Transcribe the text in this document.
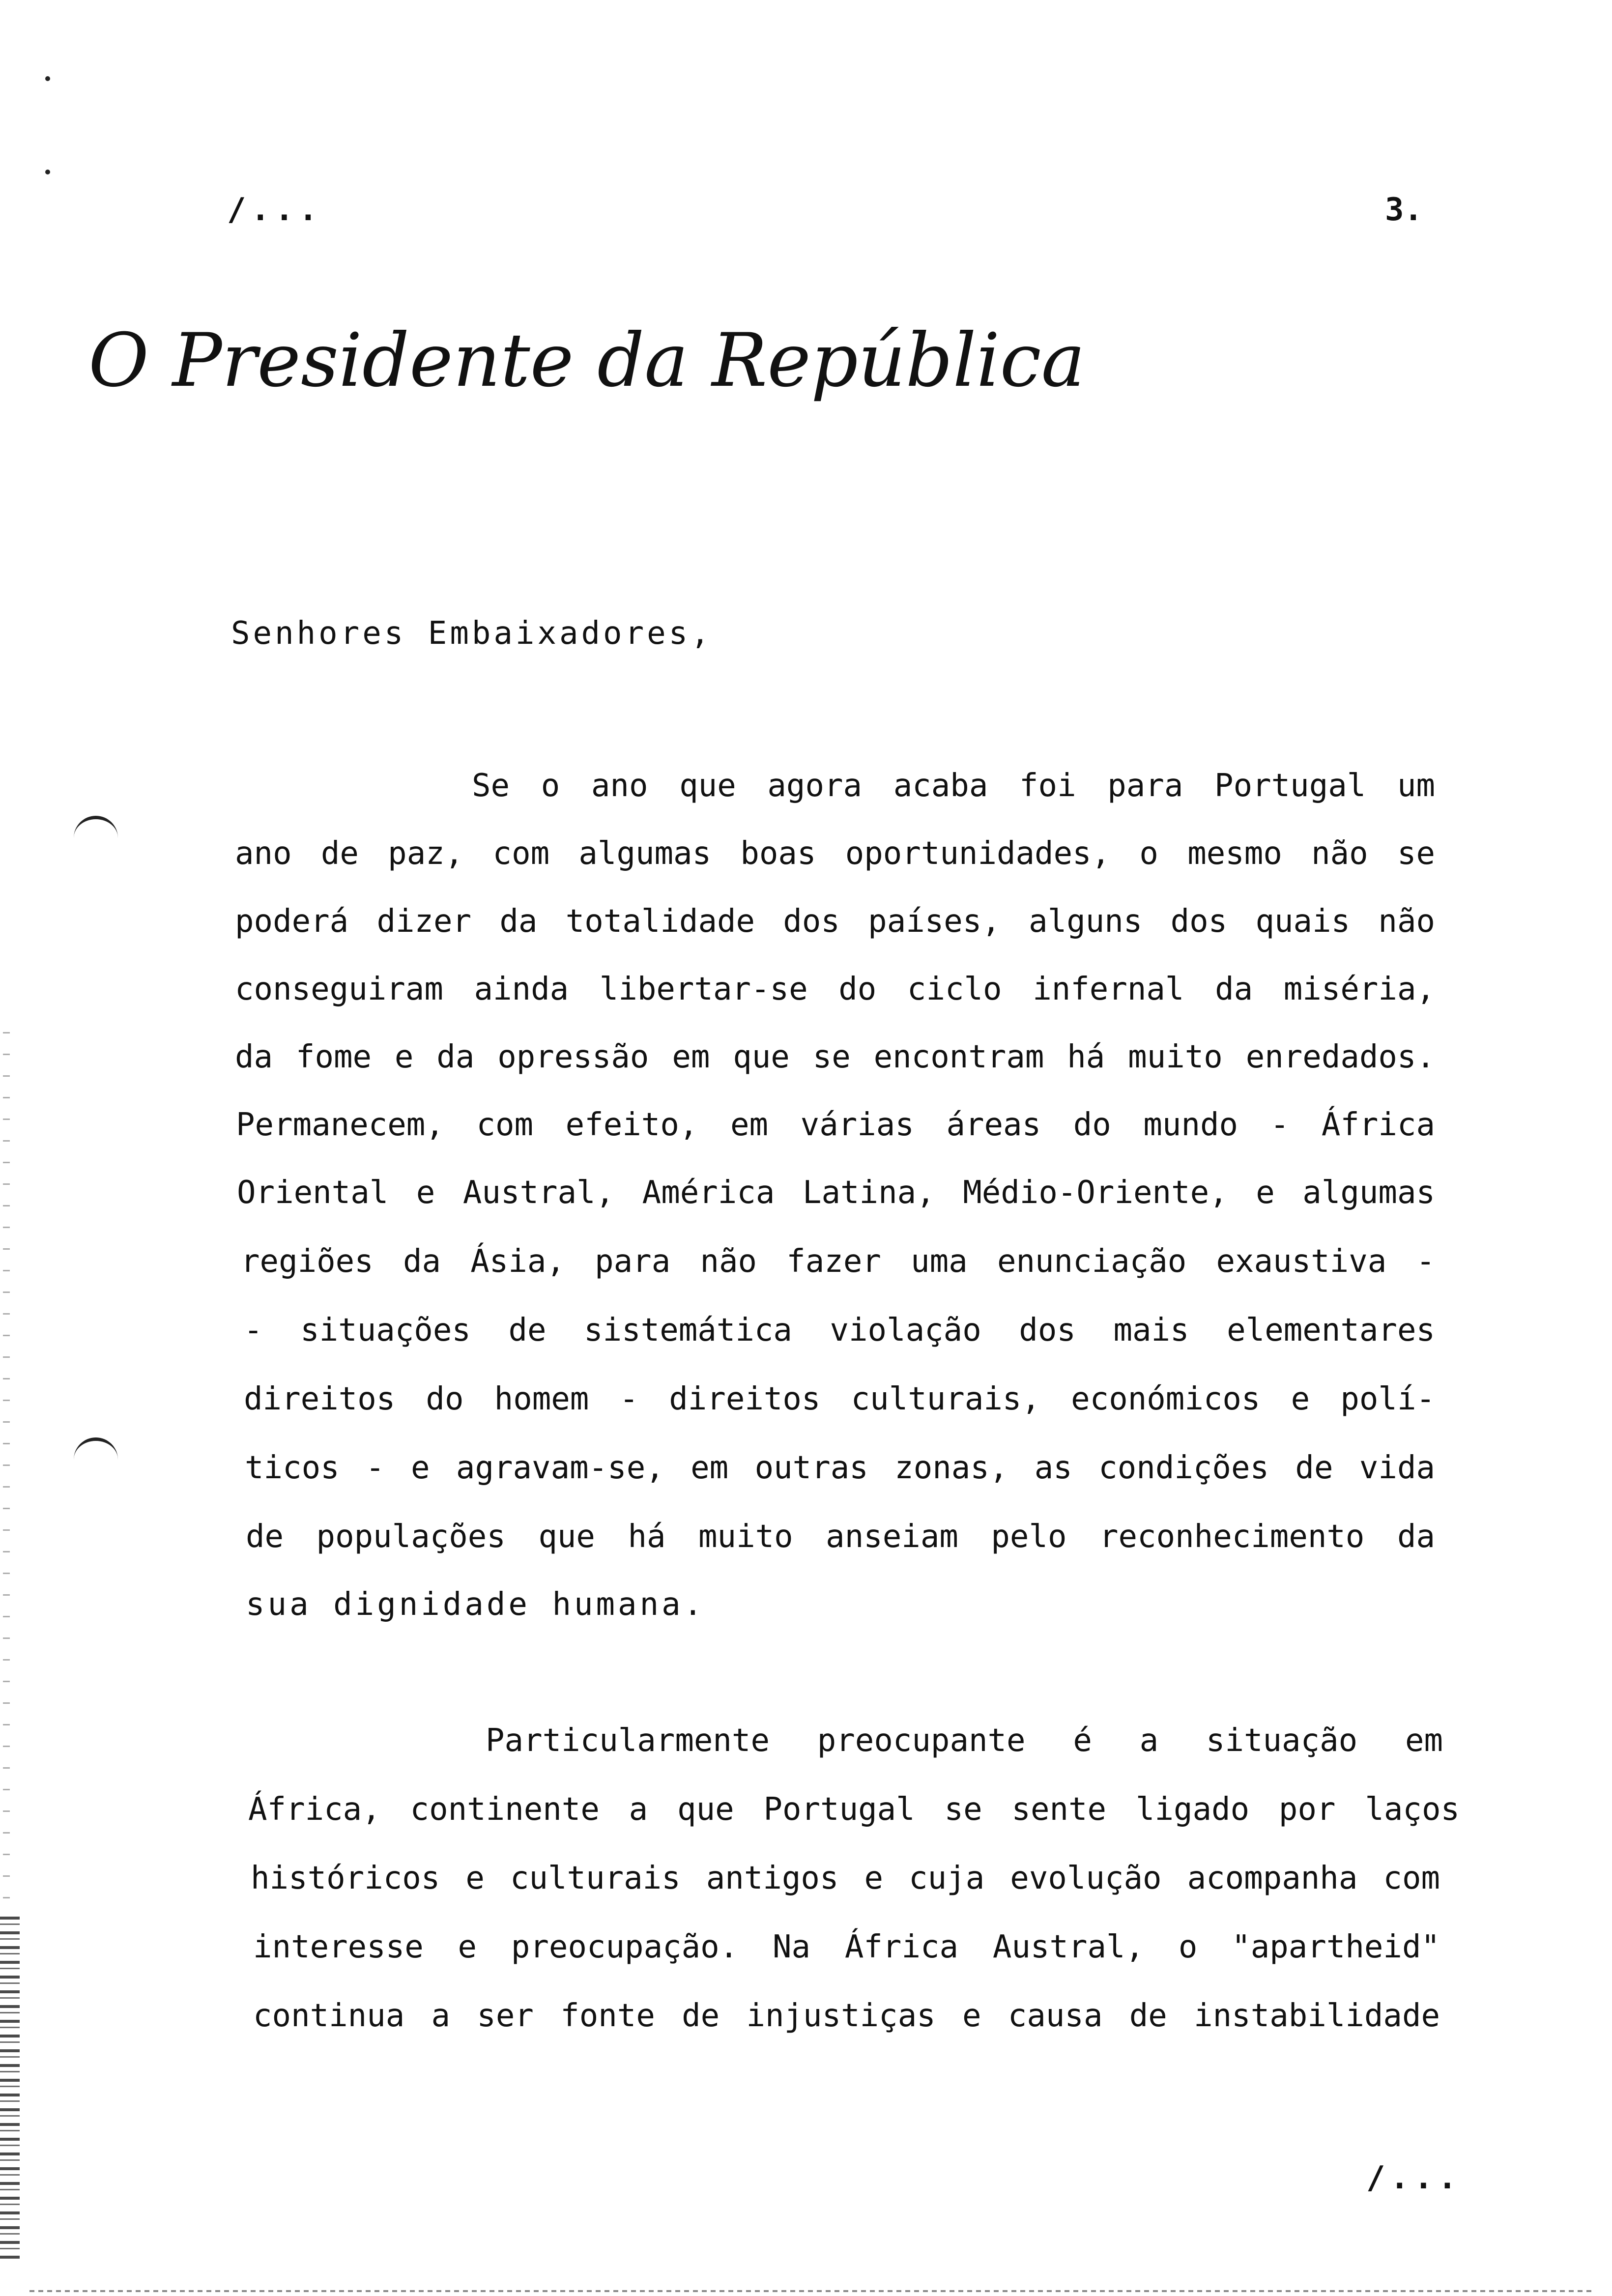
/...	3.
O Presidente da República
Senhores Embaixadores,
Se o ano que agora acaba foi para Portugal um
ano de paz, com algumas boas oportunidades, o mesmo não se
poderá dizer da totalidade dos países, alguns dos quais não
conseguiram ainda libertar-se do ciclo infernal da miséria,
da fome e da opressão em que se encontram há muito enredados.
Permanecem, com efeito, em várias áreas do mundo - África
Oriental e Austral, América Latina, Médio-Oriente, e algumas
regiões da Ásia, para não fazer uma enunciação exaustiva -
- situações de sistemática violação dos mais elementares
direitos do homem - direitos culturais, económicos e polí-
ticos - e agravam-se, em outras zonas, as condições de vida
de populações que há muito anseiam pelo reconhecimento da
sua dignidade humana.
Particularmente preocupante é a situação em
África, continente a que Portugal se sente ligado por laços
históricos e culturais antigos e cuja evolução acompanha com
interesse e preocupação. Na África Austral, o "apartheid"
continua a ser fonte de injustiças e causa de instabilidade
/...
